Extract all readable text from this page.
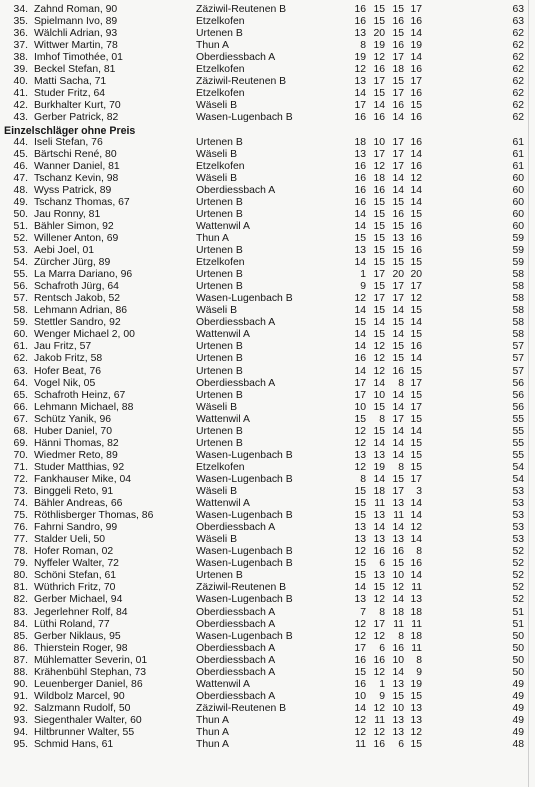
34. Zahnd Roman, 90	Zäziwil-Reutenen B	16 15 15 17	63
35. Spielmann Ivo, 89	Etzelkofen	16 15 16 16	63
36. Wälchli Adrian, 93	Urtenen B	13 20 15 14	62
37. Wittwer Martin, 78	Thun A	8 19 16 19	62
38. Imhof Timothée, 01	Oberdiessbach A	19 12 17 14	62
39. Beckel Stefan, 81	Etzelkofen	12 16 18 16	62
40. Matti Sacha, 71	Zäziwil-Reutenen B	13 17 15 17	62
41. Studer Fritz, 64	Etzelkofen	14 15 17 16	62
42. Burkhalter Kurt, 70	Wäseli B	17 14 16 15	62
43. Gerber Patrick, 82	Wasen-Lugenbach B	16 16 14 16	62
Einzelschläger ohne Preis
44. Iseli Stefan, 76	Urtenen B	18 10 17 16	61
45. Bärtschi René, 80	Wäseli B	13 17 17 14	61
46. Wanner Daniel, 81	Etzelkofen	16 12 17 16	61
47. Tschanz Kevin, 98	Wäseli B	16 18 14 12	60
48. Wyss Patrick, 89	Oberdiessbach A	16 16 14 14	60
49. Tschanz Thomas, 67	Urtenen B	16 15 15 14	60
50. Jau Ronny, 81	Urtenen B	14 15 16 15	60
51. Bähler Simon, 92	Wattenwil A	14 15 15 16	60
52. Willener Anton, 69	Thun A	15 15 13 16	59
53. Aebi Joel, 01	Urtenen B	13 15 15 16	59
54. Zürcher Jürg, 89	Etzelkofen	14 15 15 15	59
55. La Marra Dariano, 96	Urtenen B	1 17 20 20	58
56. Schafroth Jürg, 64	Urtenen B	9 15 17 17	58
57. Rentsch Jakob, 52	Wasen-Lugenbach B	12 17 17 12	58
58. Lehmann Adrian, 86	Wäseli B	14 15 14 15	58
59. Stettler Sandro, 92	Oberdiessbach A	15 14 15 14	58
60. Wenger Michael 2, 00	Wattenwil A	14 15 14 15	58
61. Jau Fritz, 57	Urtenen B	14 12 15 16	57
62. Jakob Fritz, 58	Urtenen B	16 12 15 14	57
63. Hofer Beat, 76	Urtenen B	14 12 16 15	57
64. Vogel Nik, 05	Oberdiessbach A	17 14	8 17	56
65. Schafroth Heinz, 67	Urtenen B	17 10 14 15	56
66. Lehmann Michael, 88	Wäseli B	10 15 14 17	56
67. Schütz Yanik, 96	Wattenwil A	15	8 17 15	55
68. Huber Daniel, 70	Urtenen B	12 15 14 14	55
69. Hänni Thomas, 82	Urtenen B	12 14 14 15	55
70. Wiedmer Reto, 89	Wasen-Lugenbach B	13 13 14 15	55
71. Studer Matthias, 92	Etzelkofen	12 19	8 15	54
72. Fankhauser Mike, 04	Wasen-Lugenbach B	8 14 15 17	54
73. Binggeli Reto, 91	Wäseli B	15 18 17	3	53
74. Bähler Andreas, 66	Wattenwil A	15 11 13 14	53
75. Röthlisberger Thomas, 86	Wasen-Lugenbach B	15 13 11 14	53
76. Fahrni Sandro, 99	Oberdiessbach A	13 14 14 12	53
77. Stalder Ueli, 50	Wäseli B	13 13 13 14	53
78. Hofer Roman, 02	Wasen-Lugenbach B	12 16 16	8	52
79. Nyffeler Walter, 72	Wasen-Lugenbach B	15	6 15 16	52
80. Schöni Stefan, 61	Urtenen B	15 13 10 14	52
81. Wüthrich Fritz, 70	Zäziwil-Reutenen B	14 15 12 11	52
82. Gerber Michael, 94	Wasen-Lugenbach B	13 12 14 13	52
83. Jegerlehner Rolf, 84	Oberdiessbach A	7	8 18 18	51
84. Lüthi Roland, 77	Oberdiessbach A	12 17 11 11	51
85. Gerber Niklaus, 95	Wasen-Lugenbach B	12 12	8 18	50
86. Thierstein Roger, 98	Oberdiessbach A	17	6 16 11	50
87. Mühlematter Severin, 01	Oberdiessbach A	16 16 10	8	50
88. Krähenbühl Stephan, 73	Oberdiessbach A	15 12 14	9	50
90. Leuenberger Daniel, 86	Wattenwil A	16	1 13 19	49
91. Wildbolz Marcel, 90	Oberdiessbach A	10	9 15 15	49
92. Salzmann Rudolf, 50	Zäziwil-Reutenen B	14 12 10 13	49
93. Siegenthaler Walter, 60	Thun A	12 11 13 13	49
94. Hiltbrunner Walter, 55	Thun A	12 12 13 12	49
95. Schmid Hans, 61	Thun A	11 16	6 15	48
